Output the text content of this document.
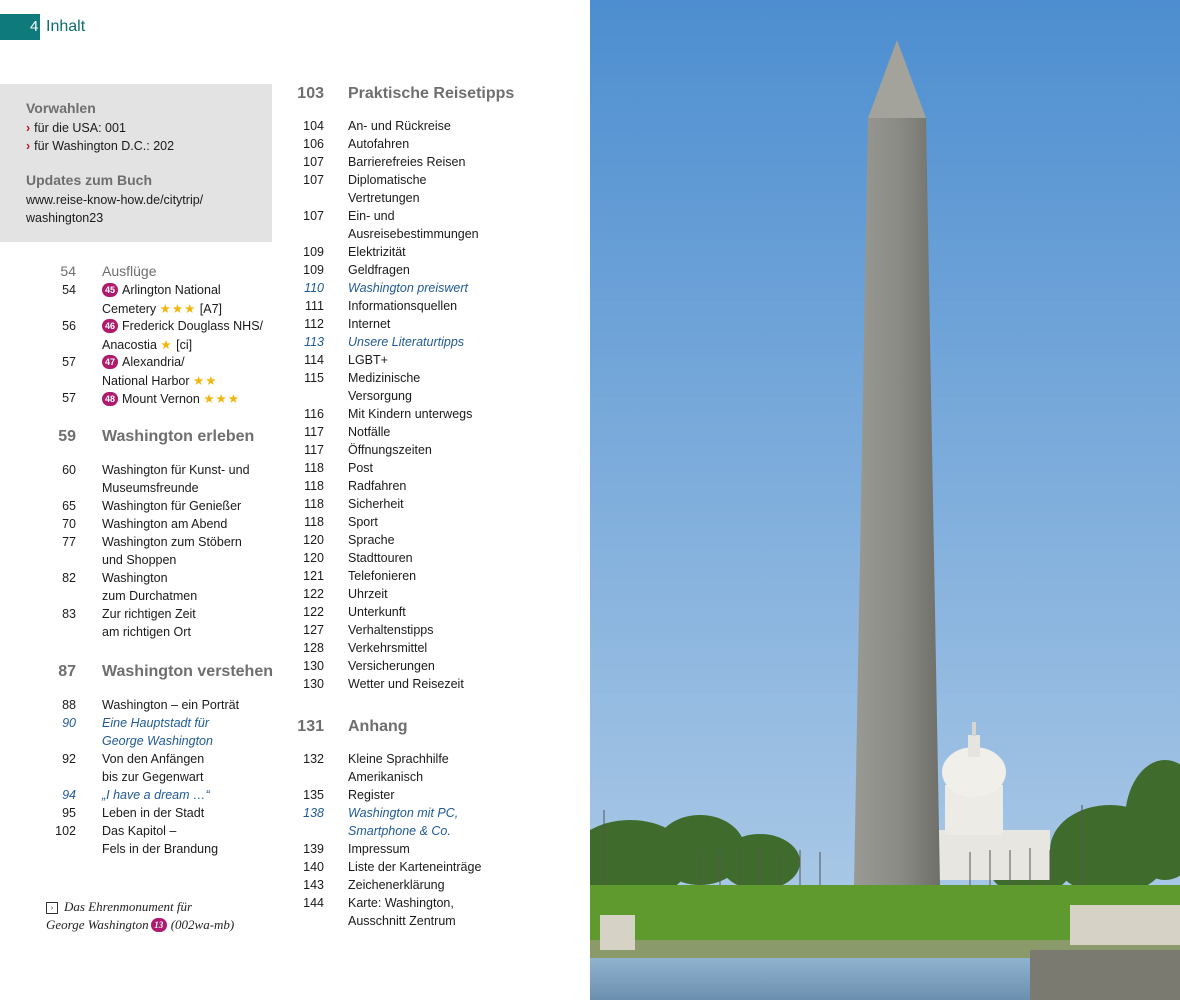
4 Inhalt
Vorwahlen
› für die USA: 001
› für Washington D.C.: 202
Updates zum Buch
www.reise-know-how.de/citytrip/
washington23
54 Ausflüge
54	45 Arlington National
Cemetery ★★★ [A7]
56	46 Frederick Douglass NHS/
Anacostia ★ [ci]
57	47 Alexandria/
National Harbor ★★
57	48 Mount Vernon ★★★
59 Washington erleben
60 Washington für Kunst- und
Museumsfreunde
65 Washington für Genießer
70 Washington am Abend
77 Washington zum Stöbern
und Shoppen
82 Washington
zum Durchatmen
83 Zur richtigen Zeit
am richtigen Ort
87 Washington verstehen
88 Washington – ein Porträt
90 Eine Hauptstadt für
George Washington
92 Von den Anfängen
bis zur Gegenwart
94 „I have a dream …“
95 Leben in der Stadt
102 Das Kapitol –
Fels in der Brandung
› Das Ehrenmonument für
George Washington 13 (002wa-mb)
103 Praktische Reisetipps
104 An- und Rückreise
106 Autofahren
107 Barrierefreies Reisen
107 Diplomatische
Vertretungen
107 Ein- und
Ausreisebestimmungen
109 Elektrizität
109 Geldfragen
110 Washington preiswert
111 Informationsquellen
112 Internet
113 Unsere Literaturtipps
114 LGBT+
115 Medizinische
Versorgung
116 Mit Kindern unterwegs
117 Notfälle
117 Öffnungszeiten
118 Post
118 Radfahren
118 Sicherheit
118 Sport
120 Sprache
120 Stadttouren
121 Telefonieren
122 Uhrzeit
122 Unterkunft
127 Verhaltenstipps
128 Verkehrsmittel
130 Versicherungen
130 Wetter und Reisezeit
131 Anhang
132 Kleine Sprachhilfe
Amerikanisch
135 Register
138 Washington mit PC,
Smartphone & Co.
139 Impressum
140 Liste der Karteneinträge
143 Zeichenerklärung
144 Karte: Washington,
Ausschnitt Zentrum
